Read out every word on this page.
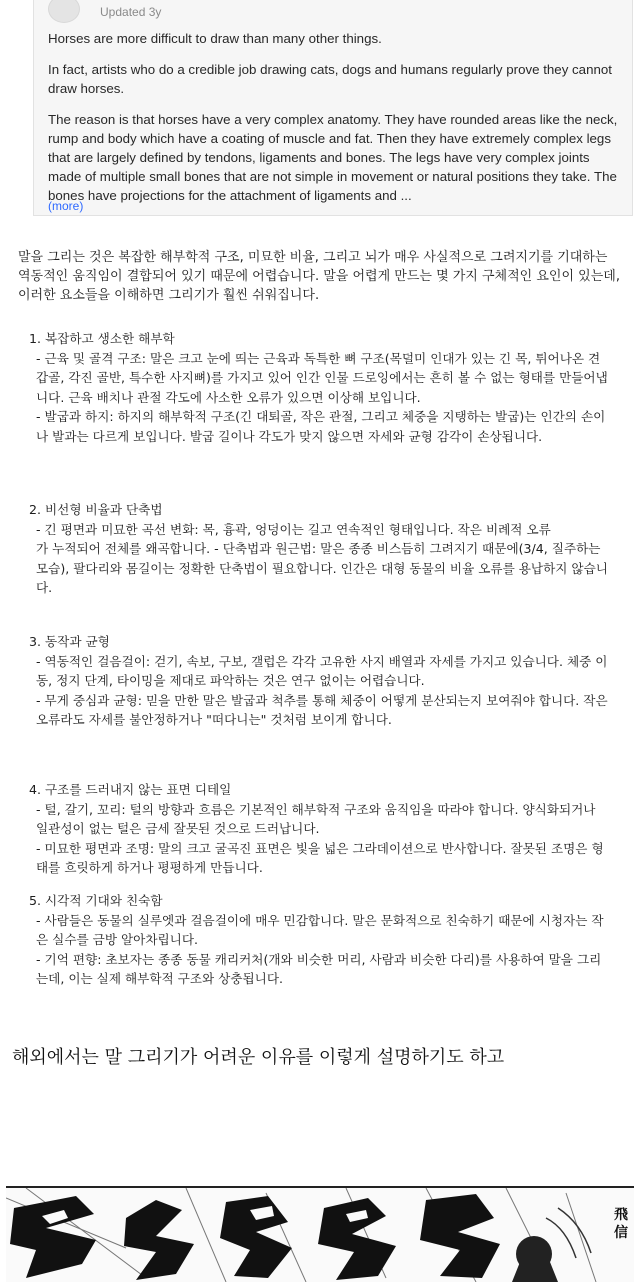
Updated 3y

Horses are more difficult to draw than many other things.

In fact, artists who do a credible job drawing cats, dogs and humans regularly prove they cannot draw horses.

The reason is that horses have a very complex anatomy. They have rounded areas like the neck, rump and body which have a coating of muscle and fat. Then they have extremely complex legs that are largely defined by tendons, ligaments and bones. The legs have very complex joints made of multiple small bones that are not simple in movement or natural positions they take. The bones have projections for the attachment of ligaments and ...

(more)

말을 그리는 것은 복잡한 해부학적 구조, 미묘한 비율, 그리고 뇌가 매우 사실적으로 그려지기를 기대하는 역동적인 움직임이 결합되어 있기 때문에 어렵습니다. 말을 어렵게 만드는 몇 가지 구체적인 요인이 있는데, 이러한 요소들을 이해하면 그리기가 훨씬 쉬워집니다.

1. 복잡하고 생소한 해부학

- 근육 및 골격 구조: 말은 크고 눈에 띄는 근육과 독특한 뼈 구조(목덜미 인대가 있는 긴 목, 튀어나온 견갑골, 각진 골반, 특수한 사지뼈)를 가지고 있어 인간 인물 드로잉에서는 흔히 볼 수 없는 형태를 만들어냅니다. 근육 배치나 관절 각도에 사소한 오류가 있으면 이상해 보입니다.

- 발굽과 하지: 하지의 해부학적 구조(긴 대퇴골, 작은 관절, 그리고 체중을 지탱하는 발굽)는 인간의 손이나 발과는 다르게 보입니다. 발굽 길이나 각도가 맞지 않으면 자세와 균형 감각이 손상됩니다.

2. 비선형 비율과 단축법

- 긴 평면과 미묘한 곡선 변화: 목, 흉곽, 엉덩이는 길고 연속적인 형태입니다. 작은 비례적 오류

가 누적되어 전체를 왜곡합니다. - 단축법과 원근법: 말은 종종 비스듬히 그려지기 때문에(3/4, 질주하는 모습), 팔다리와 몸길이는 정확한 단축법이 필요합니다. 인간은 대형 동물의 비율 오류를 용납하지 않습니다.

3. 동작과 균형

- 역동적인 걸음걸이: 걷기, 속보, 구보, 갤럽은 각각 고유한 사지 배열과 자세를 가지고 있습니다. 체중 이동, 정지 단계, 타이밍을 제대로 파악하는 것은 연구 없이는 어렵습니다.

- 무게 중심과 균형: 믿을 만한 말은 발굽과 척추를 통해 체중이 어떻게 분산되는지 보여줘야 합니다. 작은 오류라도 자세를 불안정하거나 "떠다니는" 것처럼 보이게 합니다.

4. 구조를 드러내지 않는 표면 디테일

- 털, 갈기, 꼬리: 털의 방향과 흐름은 기본적인 해부학적 구조와 움직임을 따라야 합니다. 양식화되거나 일관성이 없는 털은 금세 잘못된 것으로 드러납니다.

- 미묘한 평면과 조명: 말의 크고 굴곡진 표면은 빛을 넓은 그라데이션으로 반사합니다. 잘못된 조명은 형태를 흐릿하게 하거나 평평하게 만듭니다.

5. 시각적 기대와 친숙함

- 사람들은 동물의 실루엣과 걸음걸이에 매우 민감합니다. 말은 문화적으로 친숙하기 때문에 시청자는 작은 실수를 금방 알아차립니다.

- 기억 편향: 초보자는 종종 동물 캐리커처(개와 비슷한 머리, 사람과 비슷한 다리)를 사용하여 말을 그리는데, 이는 실제 해부학적 구조와 상충됩니다.

해외에서는 말 그리기가 어려운 이유를 이렇게 설명하기도 하고
飛信
